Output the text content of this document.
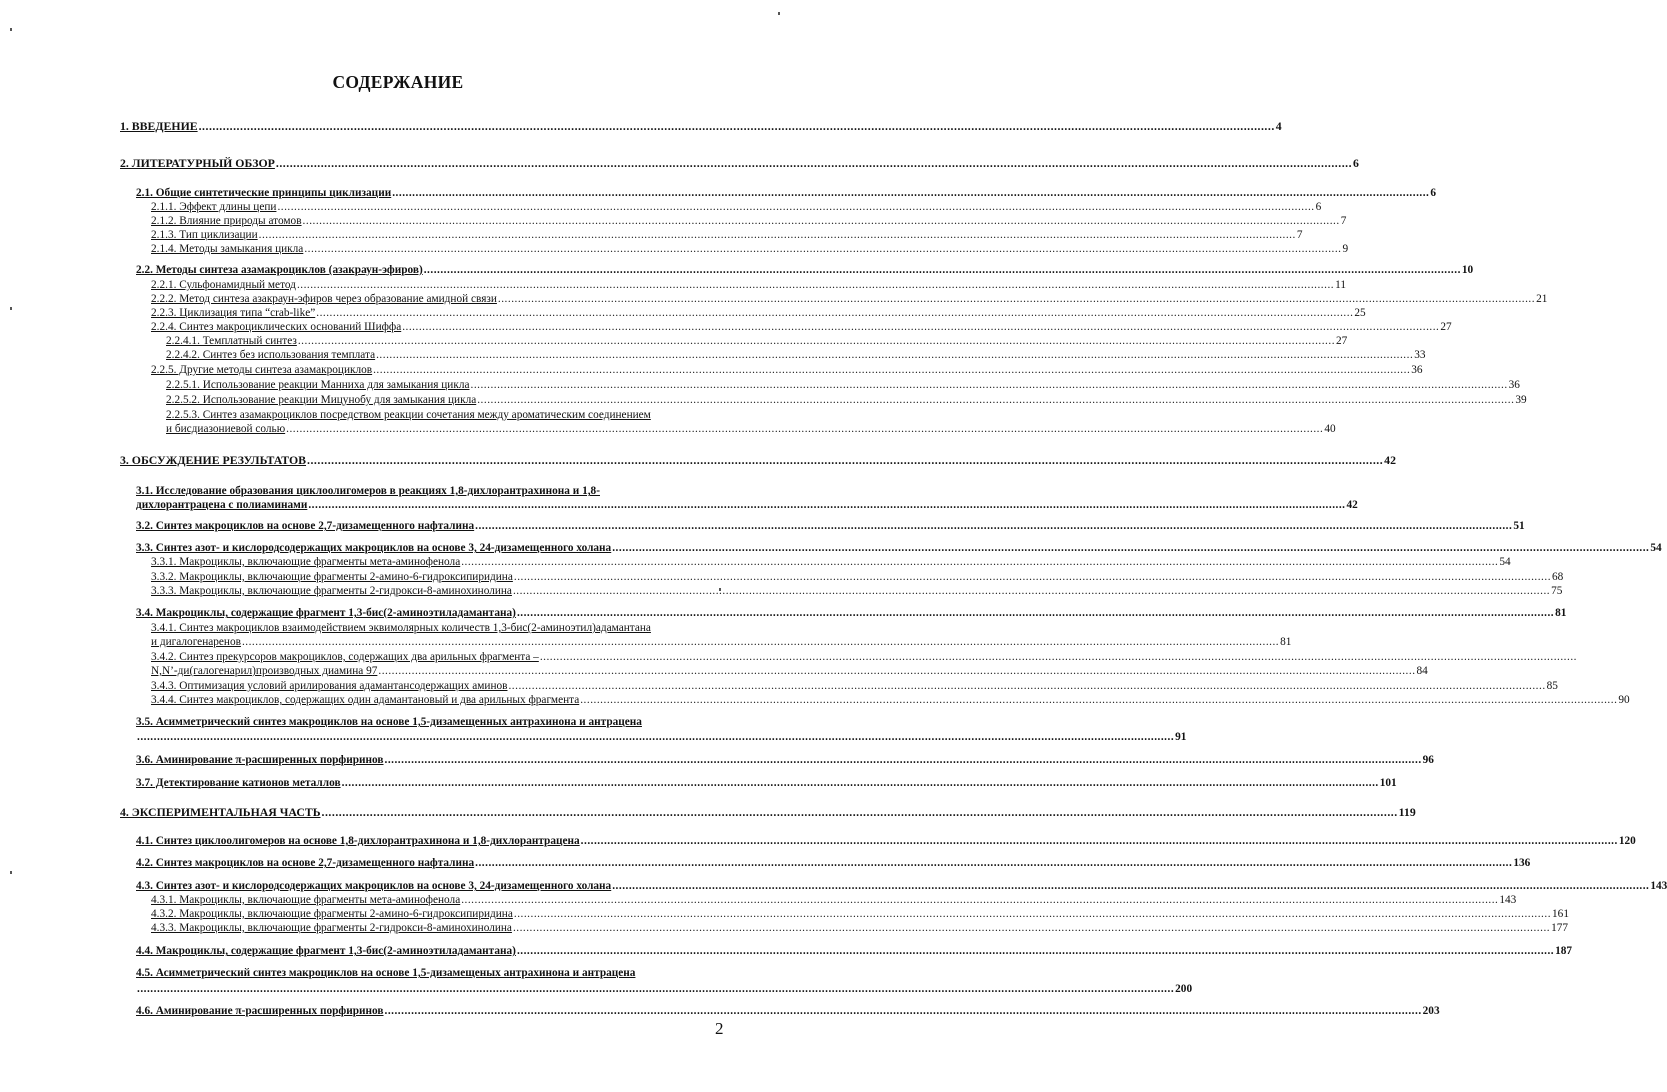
СОДЕРЖАНИЕ
1. ВВЕДЕНИЕ .....	4
2. ЛИТЕРАТУРНЫЙ ОБЗОР .....	6
2.1. Общие синтетические принципы циклизации .....	6
2.1.1. Эффект длины цепи .....	6
2.1.2. Влияние природы атомов .....	7
2.1.3. Тип циклизации .....	7
2.1.4. Методы замыкания цикла .....	9
2.2. Методы синтеза азамакроциклов (азакраун-эфиров) .....	10
2.2.1. Сульфонамидный метод .....	11
2.2.2. Метод синтеза азакраун-эфиров через образование амидной связи .....	21
2.2.3. Циклизация типа “crab-like” .....	25
2.2.4. Синтез макроциклических оснований Шиффа .....	27
2.2.4.1. Темплатный синтез .....	27
2.2.4.2. Синтез без использования темплата .....	33
2.2.5. Другие методы синтеза азамакроциклов .....	36
2.2.5.1. Использование реакции Манниха для замыкания цикла .....	36
2.2.5.2. Использование реакции Мицунобу для замыкания цикла .....	39
2.2.5.3. Синтез азамакроциклов посредством реакции сочетания между ароматическим соединением
и бисдиазониевой солью .....	40
3. ОБСУЖДЕНИЕ РЕЗУЛЬТАТОВ .....	42
3.1. Исследование образования циклоолигомеров в реакциях 1,8-дихлорантрахинона и 1,8-
дихлорантрацена с полиаминами .....	42
3.2. Синтез макроциклов на основе 2,7-дизамещенного нафталина .....	51
3.3. Синтез азот- и кислородсодержащих макроциклов на основе 3, 24-дизамещенного холана .....	54
3.3.1. Макроциклы, включающие фрагменты мета-аминофенола .....	54
3.3.2. Макроциклы, включающие фрагменты 2-амино-6-гидроксипиридина .....	68
3.3.3. Макроциклы, включающие фрагменты 2-гидрокси-8-аминохинолина .....	75
3.4. Макроциклы, содержащие фрагмент 1,3-бис(2-аминоэтиладамантана) .....	81
3.4.1. Синтез макроциклов взаимодействием эквимолярных количеств 1,3-бис(2-аминоэтил)адамантана
и дигалогенаренов .....	81
3.4.2. Синтез прекурсоров макроциклов, содержащих два арильных фрагмента –
.....
N,N’-ди(галогенарил)производных диамина 97 .....	84
3.4.3. Оптимизация условий арилирования адамантансодержащих аминов .....	85
3.4.4. Синтез макроциклов, содержащих один адамантановый и два арильных фрагмента .....	90
3.5. Асимметрический синтез макроциклов на основе 1,5-дизамещенных антрахинона и антрацена
.....
91
3.6. Аминирование π-расширенных порфиринов .....	96
3.7. Детектирование катионов металлов .....	101
4. ЭКСПЕРИМЕНТАЛЬНАЯ ЧАСТЬ .....	119
4.1. Синтез циклоолигомеров на основе 1,8-дихлорантрахинона и 1,8-дихлорантрацена .....	120
4.2. Синтез макроциклов на основе 2,7-дизамещенного нафталина .....	136
4.3. Синтез азот- и кислородсодержащих макроциклов на основе 3, 24-дизамещенного холана .....	143
4.3.1. Макроциклы, включающие фрагменты мета-аминофенола .....	143
4.3.2. Макроциклы, включающие фрагменты 2-амино-6-гидроксипиридина .....	161
4.3.3. Макроциклы, включающие фрагменты 2-гидрокси-8-аминохинолина .....	177
4.4. Макроциклы, содержащие фрагмент 1,3-бис(2-аминоэтиладамантана) .....	187
4.5. Асимметрический синтез макроциклов на основе 1,5-дизамещеных антрахинона и антрацена
.....
200
4.6. Аминирование π-расширенных порфиринов .....	203
2
